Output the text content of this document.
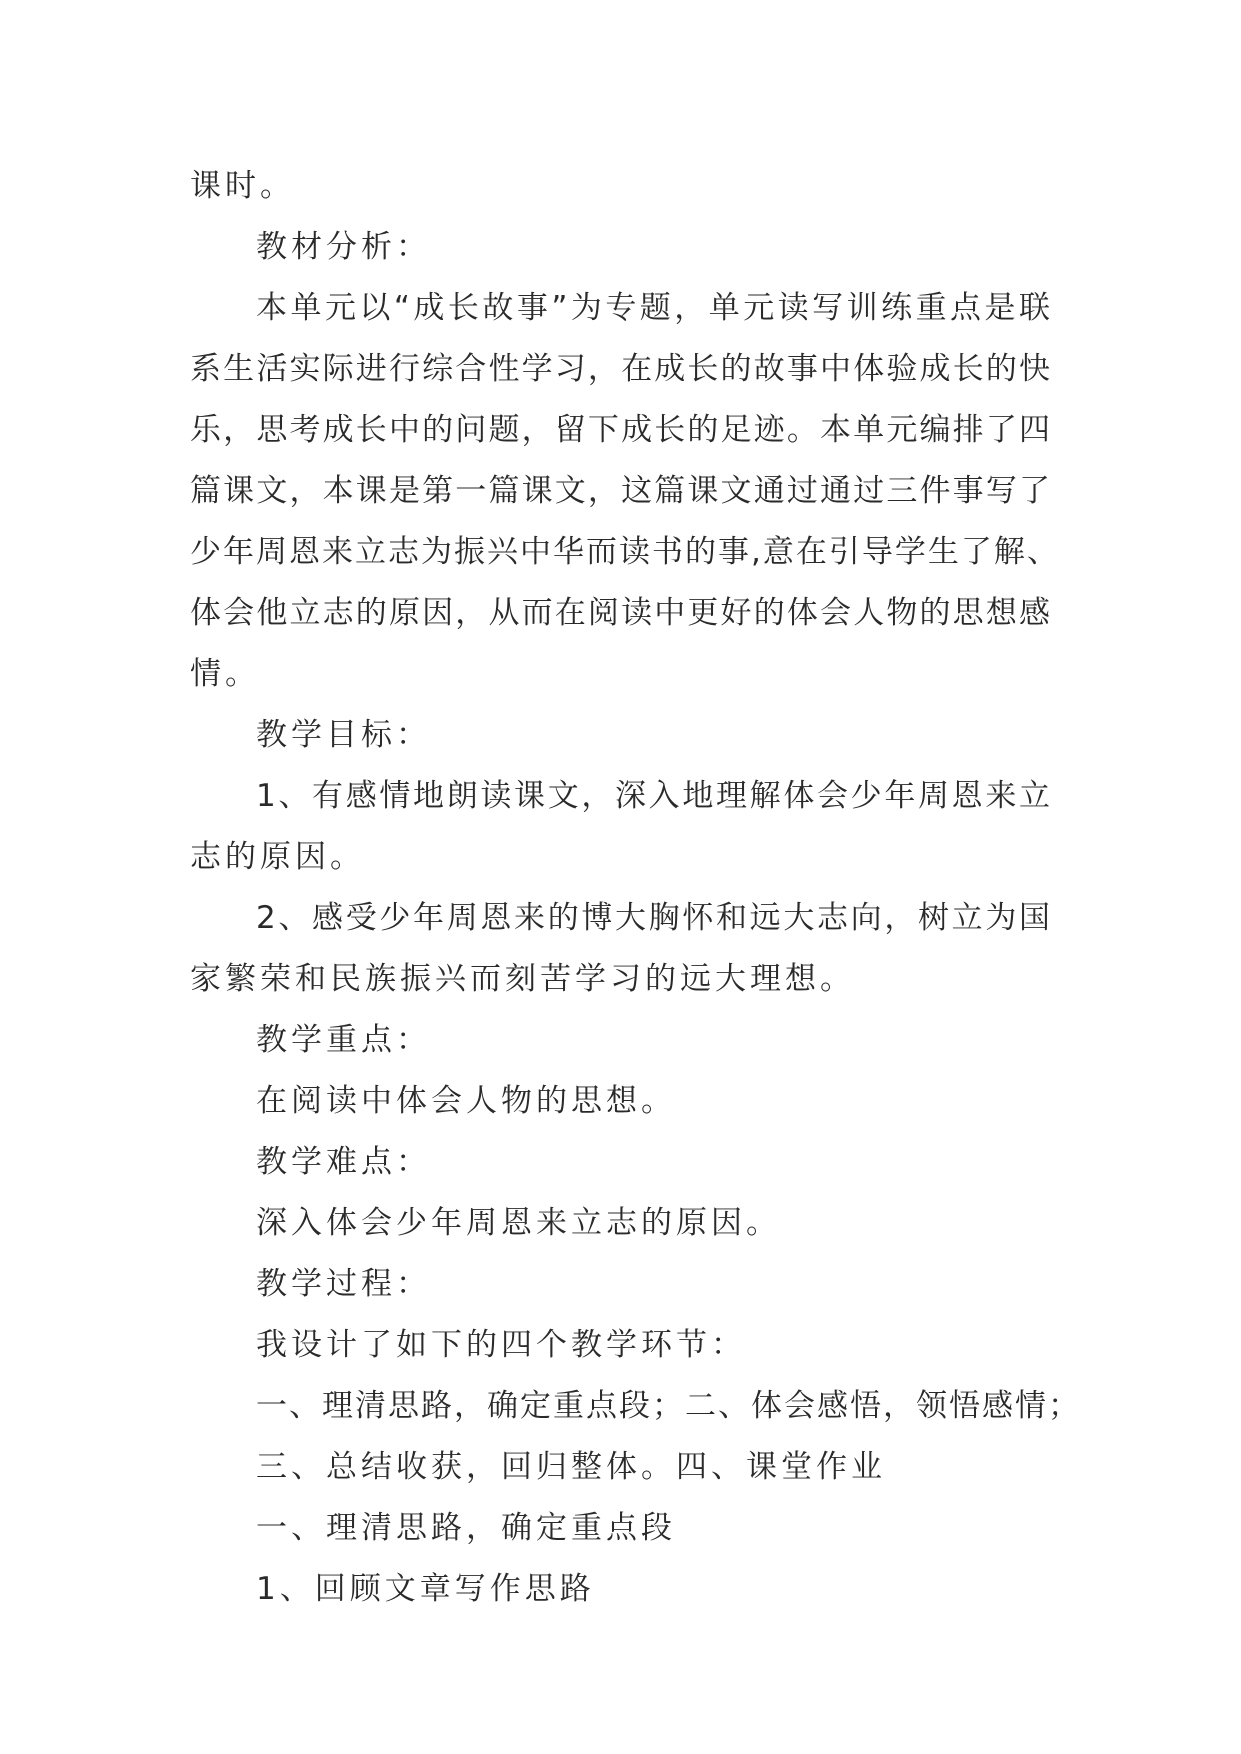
课时。
教材分析：
本单元以“成长故事”为专题，单元读写训练重点是联
系生活实际进行综合性学习，在成长的故事中体验成长的快
乐，思考成长中的问题，留下成长的足迹。本单元编排了四
篇课文，本课是第一篇课文，这篇课文通过通过三件事写了
少年周恩来立志为振兴中华而读书的事,意在引导学生了解、
体会他立志的原因，从而在阅读中更好的体会人物的思想感
情。
教学目标：
1、有感情地朗读课文，深入地理解体会少年周恩来立
志的原因。
2、感受少年周恩来的博大胸怀和远大志向，树立为国
家繁荣和民族振兴而刻苦学习的远大理想。
教学重点：
在阅读中体会人物的思想。
教学难点：
深入体会少年周恩来立志的原因。
教学过程：
我设计了如下的四个教学环节：
一、理清思路，确定重点段；二、体会感悟，领悟感情；
三、总结收获，回归整体。四、课堂作业
一、理清思路，确定重点段
1、回顾文章写作思路
